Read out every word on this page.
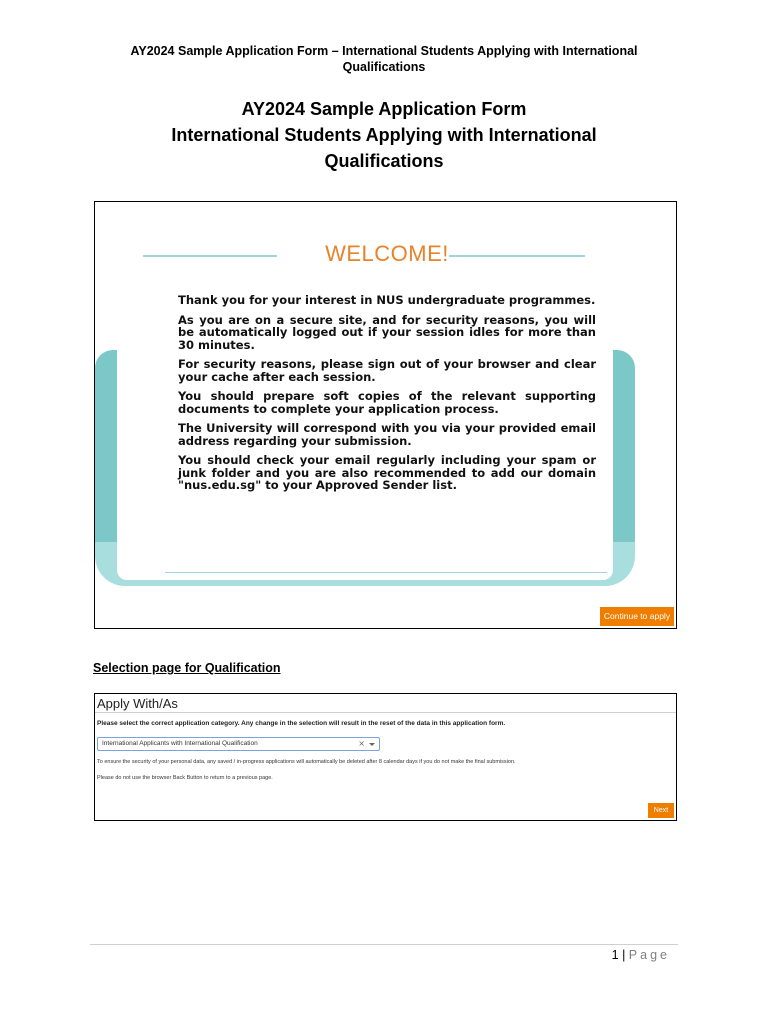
AY2024 Sample Application Form – International Students Applying with International Qualifications
AY2024 Sample Application Form
International Students Applying with International
Qualifications
WELCOME!

Thank you for your interest in NUS undergraduate programmes.

As you are on a secure site, and for security reasons, you will be automatically logged out if your session idles for more than 30 minutes.

For security reasons, please sign out of your browser and clear your cache after each session.

You should prepare soft copies of the relevant supporting documents to complete your application process.

The University will correspond with you via your provided email address regarding your submission.

You should check your email regularly including your spam or junk folder and you are also recommended to add our domain "nus.edu.sg" to your Approved Sender list.

Continue to apply
Selection page for Qualification
Apply With/As
Please select the correct application category. Any change in the selection will result in the reset of the data in this application form.
International Applicants with International Qualification	×
To ensure the security of your personal data, any saved / in-progress applications will automatically be deleted after 8 calendar days if you do not make the final submission.
Please do not use the browser Back Button to return to a previous page.
Next
1 | Page
